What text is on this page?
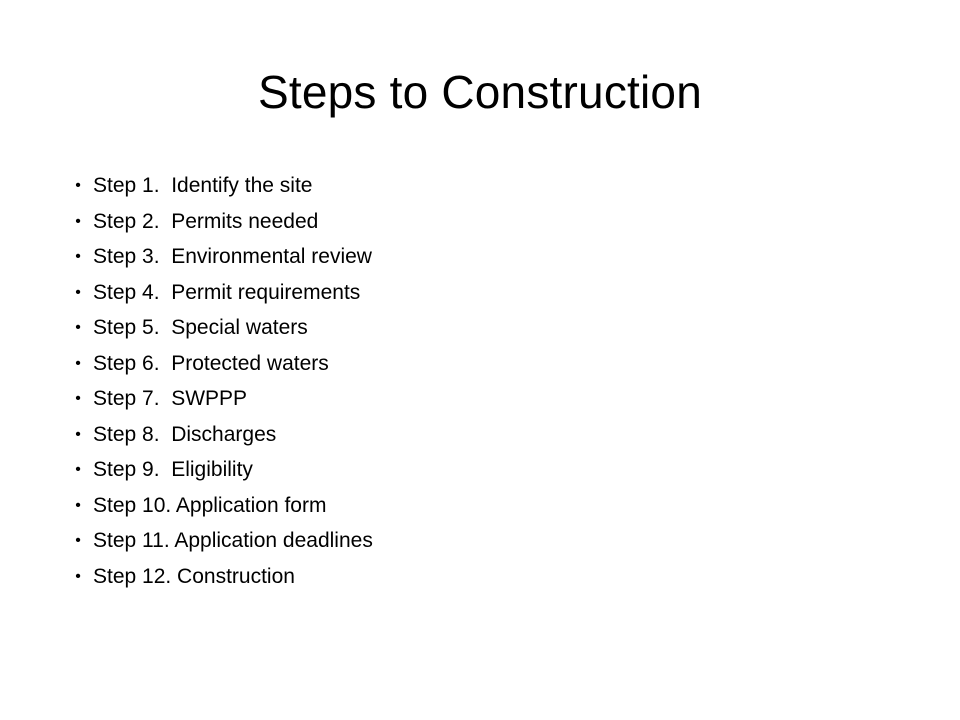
Steps to Construction
• Step 1.  Identify the site
• Step 2.  Permits needed
• Step 3.  Environmental review
• Step 4.  Permit requirements
• Step 5.  Special waters
• Step 6.  Protected waters
• Step 7.  SWPPP
• Step 8.  Discharges
• Step 9.  Eligibility
• Step 10. Application form
• Step 11. Application deadlines
• Step 12. Construction
